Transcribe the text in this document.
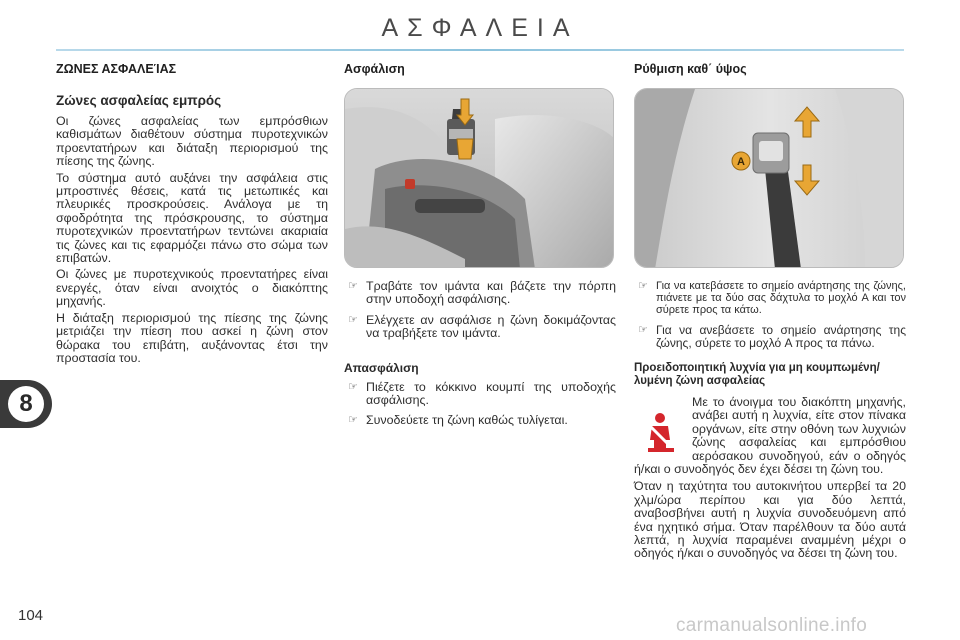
ΑΣΦΑΛΕΙΑ
8
104	carmanualsonline.info
ΖΩΝΕΣ ΑΣΦΑΛΕΊΑΣ
Ζώνες ασφαλείας εμπρός

Οι ζώνες ασφαλείας των εμπρόσθιων καθισμάτων διαθέτουν σύστημα πυροτεχνικών προεντατήρων και διάταξη περιορισμού της πίεσης της ζώνης.

Το σύστημα αυτό αυξάνει την ασφάλεια στις μπροστινές θέσεις, κατά τις μετωπικές και πλευρικές προσκρούσεις. Ανάλογα με τη σφοδρότητα της πρόσκρουσης, το σύστημα πυροτεχνικών προεντατήρων τεντώνει ακαριαία τις ζώνες και τις εφαρμόζει πάνω στο σώμα των επιβατών.

Οι ζώνες με πυροτεχνικούς προεντατήρες είναι ενεργές, όταν είναι ανοιχτός ο διακόπτης μηχανής.

Η διάταξη περιορισμού της πίεσης της ζώνης μετριάζει την πίεση που ασκεί η ζώνη στον θώρακα του επιβάτη, αυξάνοντας έτσι την προστασία του.

Ασφάλιση
☞ Τραβάτε τον ιμάντα και βάζετε την πόρπη στην υποδοχή ασφάλισης.
☞ Ελέγχετε αν ασφάλισε η ζώνη δοκιμάζοντας να τραβήξετε τον ιμάντα.
Απασφάλιση
☞ Πιέζετε το κόκκινο κουμπί της υποδοχής ασφάλισης.
☞ Συνοδεύετε τη ζώνη καθώς τυλίγεται.
Ρύθμιση καθ΄ ύψος
A
☞ Για να κατεβάσετε το σημείο ανάρτησης της ζώνης, πιάνετε με τα δύο σας δάχτυλα το μοχλό A και τον σύρετε προς τα κάτω.
☞ Για να ανεβάσετε το σημείο ανάρτησης της ζώνης, σύρετε το μοχλό A προς τα πάνω.
Προειδοποιητική λυχνία για μη κουμπωμένη/λυμένη ζώνη ασφαλείας

Με το άνοιγμα του διακόπτη μηχανής, ανάβει αυτή η λυχνία, είτε στον πίνακα οργάνων, είτε στην οθόνη των λυχνιών ζώνης ασφαλείας και εμπρόσθιου αερόσακου συνοδηγού, εάν ο οδηγός ή/και ο συνοδηγός δεν έχει δέσει τη ζώνη του.

Όταν η ταχύτητα του αυτοκινήτου υπερβεί τα 20 χλμ/ώρα περίπου και για δύο λεπτά, αναβοσβήνει αυτή η λυχνία συνοδευόμενη από ένα ηχητικό σήμα. Όταν παρέλθουν τα δύο αυτά λεπτά, η λυχνία παραμένει αναμμένη μέχρι ο οδηγός ή/και ο συνοδηγός να δέσει τη ζώνη του.
